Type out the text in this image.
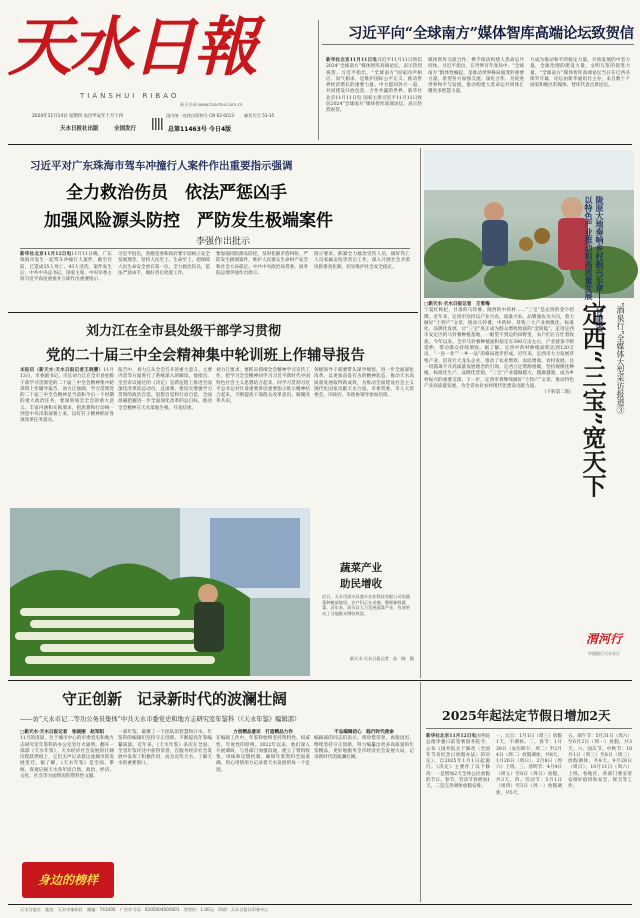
天水日報
TIANSHUI RIBAO
2024年11月14日 星期四 农历甲辰年十月十四
天水日报社出版	全国发行
国内统一连续出版物号 CN 62-0013 邮发代号 53-35
新天水网 www.tianshui.com.cn
总第11463号 今日4版
习近平向“全球南方”媒体智库高端论坛致贺信
新华社北京11月11日电习近平11月11日致信2024“全球南方”媒体智库高端论坛，表示热烈祝贺。习近平指出，“全球南方”国家同声相应、同气相求，是维护国际公平正义、推动世界经济增长的重要力量。中方愿同各方一道，共同建设开放包容、合作共赢的世界。新华社北京11月11日电 国家主席习近平11月11日致信2024“全球南方”媒体智库高端论坛，表示热烈祝贺。
媒体智库交流合作，携手推动构建人类命运共同体。习近平指出，在世界百年变局中，“全球南方”群体性崛起，是推动世界格局演变的重要力量。希望各方加强交流、深化合作，为促进世界和平与发展、推动构建人类命运共同体汇聚更多智慧力量。
方成为推动和平的稳定力量，开放发展的中坚力量，全球治理的建设力量，文明互鉴的促进力量。“全球南方”媒体智库高端论坛当日在巴西圣保罗开幕，论坛由新华通讯社主办，来自数十个国家和地区的媒体、智库代表出席论坛。
习近平对广东珠海市驾车冲撞行人案件作出重要指示强调
全力救治伤员　依法严惩凶手
加强风险源头防控　严防发生极端案件
李强作出批示
新华社北京11月12日电11月11日晚，广东珠海市发生一起驾车冲撞行人案件，截至目前，已造成35人死亡、43人受伤。案件发生后，中共中央总书记、国家主席、中央军委主席习近平高度重视并立即作出重要指示。
习近平指出，各级党委和政府要牢固树立安全发展理念，坚持人民至上、生命至上，把保障人民生命安全放在第一位，全力救治伤员，依法严惩凶手，做好善后处置工作。
要加强风险源头防控，及时化解矛盾纠纷，严防发生极端案件，维护人民群众生命财产安全和社会大局稳定。中共中央政治局常委、国务院总理李强作出批示。
批示要求，抓紧全力救治受伤人员，做好伤亡人员家属安抚等善后工作，深入开展社会矛盾风险排查化解，切实维护社会安全稳定。	陇原大地奏响乡村振兴乐章——甘肃省以特色产业推动和高质量发展
□新天水·天水日报记者　王雪梅
宁夏红枸杞、甘肃的马铃薯、陇西的中药材……“三宝”是定西的金字招牌。近年来，定西市坚持以产业兴农、质量兴农、品牌强农为方向，着力做好“土特产”文章，推动马铃薯、中药材、草牧三大产业规模化、标准化、品牌化发展，让“三宝”真正成为群众增收致富的“金钥匙”。走进定西市安定区的马铃薯种植基地，一眼望不到边的田野里，农户们正在忙着收获。今年以来，全市马铃薯种植面积稳定在300万亩左右，产业链条不断延伸，带动群众持续增收。据了解，定西中药材种植面积达到120万亩，“一县一业”“一乡一品”的格局逐步形成。近年来，定西市大力发展草牧产业，培育壮大龙头企业，推动了农业增效、农民增收、农村发展。这一切都离不开高质量发展理念的引领。定西立足资源禀赋，坚持规模化种植、标准化生产、品牌化营销，“三宝”产业越做越大、越做越强，成为乡村振兴的重要支撑。下一步，定西市将继续做好“土特产”文章，推动特色产业高质量发展，为全省农业农村现代化建设贡献力量。
（下转第二版） 定西“三宝”宽天下	“酒泉行”全媒体大型采访报道③
刘力江在全市县处级干部学习贯彻
党的二十届三中全会精神集中轮训班上作辅导报告
本报讯（新天水·天水日报记者王晓蕾）11月13日，市委副书记、市长刘力江在全市县处级干部学习贯彻党的二十届三中全会精神集中轮训班上作辅导报告。刘力江强调，学习贯彻党的二十届三中全会精神是当前和今后一个时期的重大政治任务，要深刻领会全会的重大意义、丰富内涵和实践要求，把思想和行动统一到党中央决策部署上来，以钉钉子精神抓好各项改革任务落实。
报告中，刘力江从全会召开的重大意义、主要内容等方面进行了系统深入的解读。他指出，全会审议通过的《决定》是新征程上推进全面深化改革的总动员、总部署，要切实增强学习贯彻的政治自觉、思想自觉和行动自觉，全面准确把握进一步全面深化改革的总目标，推动全会精神在天水落地生根、开花结果。
刘力江要求，要抓实抓细全会精神学习宣传工作，把学习全会精神同学习习近平新时代中国特色社会主义思想结合起来，同学习贯彻习近平总书记对甘肃重要讲话重要指示批示精神结合起来，不断提高干部群众改革意识，凝聚改革共识。
各级领导干部要带头深学细悟，进一步全面深化改革，以更加奋发有为的精神状态，推动天水高质量发展取得新成效，为推动全面建设社会主义现代化国家贡献天水力量。市委常委、市人大常委会、市政府、市政协领导参加培训。
蔬菜产业
助民增收
近日，天水市清水县盛丰农业科技有限公司的蔬菜种植基地里，农户们正在采摘、整理新鲜蔬菜。近年来，清水县大力发展蔬菜产业，有效带动了当地群众增收致富。
新天水·天水日报记者　孙　晓　摄
渭河行
中国银行天水分行
守正创新　记录新时代的波澜壮阔
——访“天水市记二等功公务员集体”中共天水市委党史和地方志研究室年鉴科（《天水年鉴》编辑部）
□新天水·天水日报记者　张晓丽　赵军阳
11月的清晨，位于城市中心的市委党史和地方志研究室年鉴科的办公室里灯火通明。翻开一部部《天水年鉴》，天水经济社会发展的壮阔历程跃然纸上，它们无声记录着这座城市的发展变迁。据了解，《天水年鉴》是全面、系统、客观记载天水各年度自然、政治、经济、文化、社会等方面情况的资料性文献。
一部年鉴，凝聚了一个团队的智慧和汗水。年鉴科的编辑们坚持守正创新，不断提高年鉴编纂质量。近年来，《天水年鉴》多次在全国、全省年鉴评比中获得荣誉，在服务经济社会发展中发挥了积极作用，成为宣传天水、了解天水的重要窗口。
力创精品意识　打造精品力作
在编辑工作中，年鉴科始终坚持资料性、权威性、年度性的原则。2022年以来，他们深入开展调研，与各部门加强沟通，建立了资料收集、审核和反馈机制，确保年鉴资料全面准确，用心用情用力记录着天水发展的每一个足迹。
不忘编辑初心　践行时代使命
编辑部的同志们表示，将珍惜荣誉，再接再厉，继续坚持守正创新，努力编纂出更多高质量的年鉴精品，更好地服务全市经济社会发展大局，记录新时代的波澜壮阔。
身边的榜样
2025年起法定节假日增加2天
新华社北京11月12日电国务院总理李强日前签署国务院令，公布《国务院关于修改〈全国年节及纪念日放假办法〉的决定》，自2025年1月1日起施行。《决定》主要作了以下修改：一是增加2天全体公民放假的节日。春节、劳动节各增加1天。二是完善调休放假安排。
一、元旦：1月1日（周三）放假1天，不调休。二、春节：1月28日（农历除夕、周二）至2月4日（周二）放假调休，共8天。1月26日（周日）、2月8日（周六）上班。三、清明节：4月4日（周五）至6日（周日）放假，共3天。四、劳动节：5月1日（周四）至5日（周一）放假调休，共5天。
五、端午节：5月31日（周六）至6月2日（周一）放假，共3天。六、国庆节、中秋节：10月1日（周三）至8日（周三）放假调休，共8天。9月28日（周日）、10月11日（周六）上班。各地区、各部门要妥善安排好值班和安全、保卫等工作。
天水日报社　地址：天水市秦州区　邮编：741000　广告许可证：6205004000001　零售价：1.00元　印刷：天水日报社印务中心
